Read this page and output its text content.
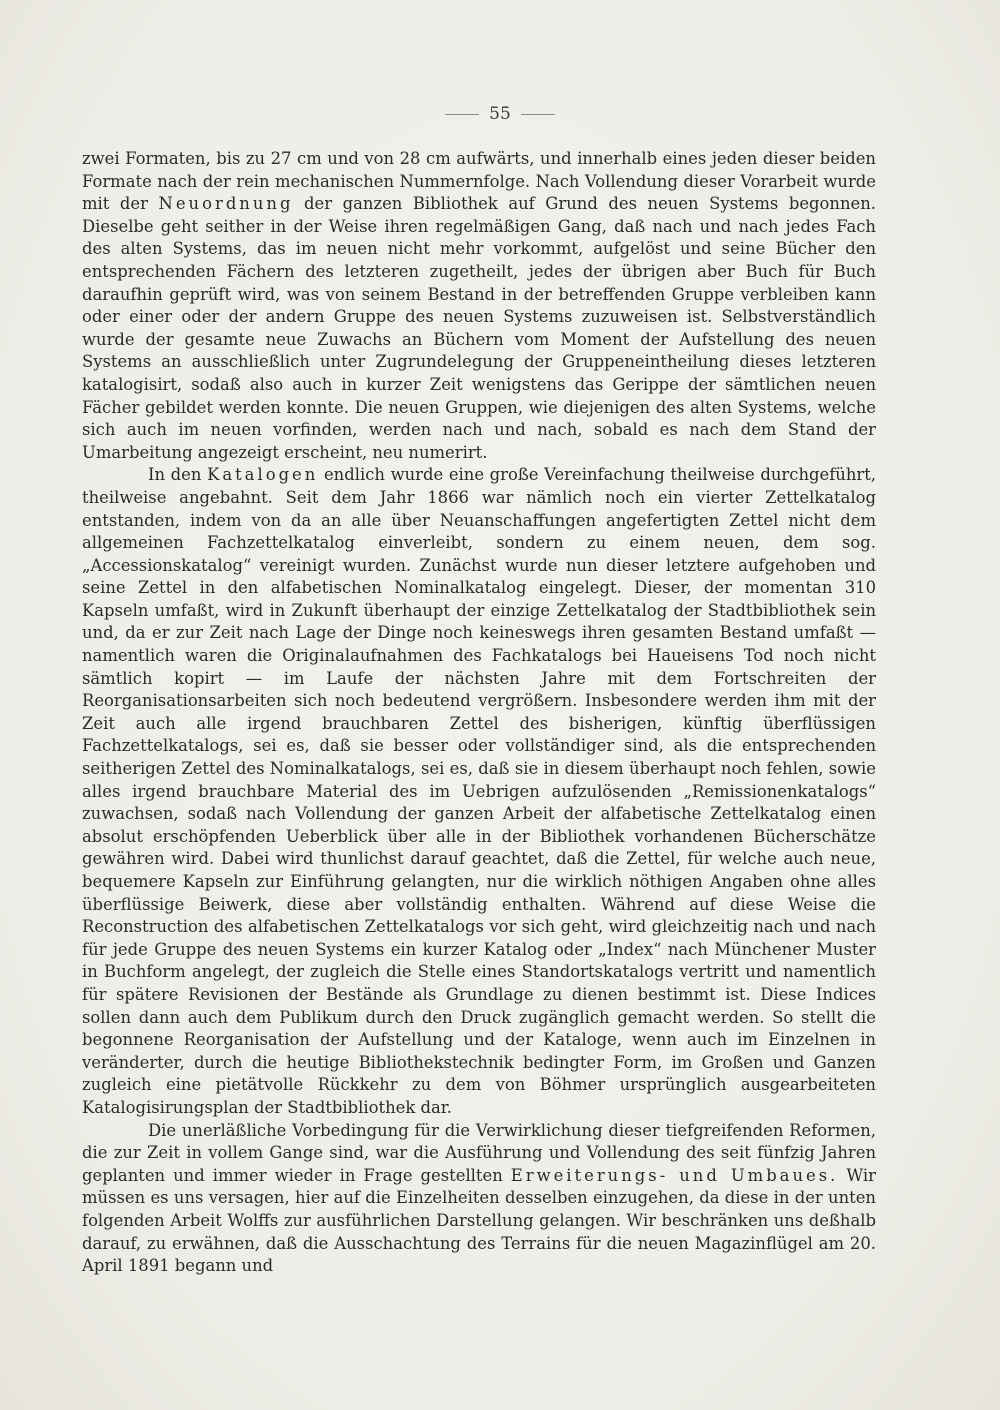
55

zwei Formaten, bis zu 27 cm und von 28 cm aufwärts, und innerhalb eines jeden dieser beiden Formate nach der rein mechanischen Nummernfolge. Nach Vollendung dieser Vorarbeit wurde mit der Neuordnung der ganzen Bibliothek auf Grund des neuen Systems begonnen. Dieselbe geht seither in der Weise ihren regelmäßigen Gang, daß nach und nach jedes Fach des alten Systems, das im neuen nicht mehr vorkommt, aufgelöst und seine Bücher den entsprechenden Fächern des letzteren zugetheilt, jedes der übrigen aber Buch für Buch daraufhin geprüft wird, was von seinem Bestand in der betreffenden Gruppe verbleiben kann oder einer oder der andern Gruppe des neuen Systems zuzuweisen ist. Selbstverständlich wurde der gesamte neue Zuwachs an Büchern vom Moment der Aufstellung des neuen Systems an ausschließlich unter Zugrundelegung der Gruppeneintheilung dieses letzteren katalogisirt, sodaß also auch in kurzer Zeit wenigstens das Gerippe der sämtlichen neuen Fächer gebildet werden konnte. Die neuen Gruppen, wie diejenigen des alten Systems, welche sich auch im neuen vorfinden, werden nach und nach, sobald es nach dem Stand der Umarbeitung angezeigt erscheint, neu numerirt.

In den Katalogen endlich wurde eine große Vereinfachung theilweise durchgeführt, theilweise angebahnt. Seit dem Jahr 1866 war nämlich noch ein vierter Zettelkatalog entstanden, indem von da an alle über Neuanschaffungen angefertigten Zettel nicht dem allgemeinen Fachzettelkatalog einverleibt, sondern zu einem neuen, dem sog. „Accessionskatalog“ vereinigt wurden. Zunächst wurde nun dieser letztere aufgehoben und seine Zettel in den alfabetischen Nominalkatalog eingelegt. Dieser, der momentan 310 Kapseln umfaßt, wird in Zukunft überhaupt der einzige Zettelkatalog der Stadtbibliothek sein und, da er zur Zeit nach Lage der Dinge noch keineswegs ihren gesamten Bestand umfaßt — namentlich waren die Originalaufnahmen des Fachkatalogs bei Haueisens Tod noch nicht sämtlich kopirt — im Laufe der nächsten Jahre mit dem Fortschreiten der Reorganisationsarbeiten sich noch bedeutend vergrößern. Insbesondere werden ihm mit der Zeit auch alle irgend brauchbaren Zettel des bisherigen, künftig überflüssigen Fachzettelkatalogs, sei es, daß sie besser oder vollständiger sind, als die entsprechenden seitherigen Zettel des Nominalkatalogs, sei es, daß sie in diesem überhaupt noch fehlen, sowie alles irgend brauchbare Material des im Uebrigen aufzulösenden „Remissionenkatalogs“ zuwachsen, sodaß nach Vollendung der ganzen Arbeit der alfabetische Zettelkatalog einen absolut erschöpfenden Ueberblick über alle in der Bibliothek vorhandenen Bücherschätze gewähren wird. Dabei wird thunlichst darauf geachtet, daß die Zettel, für welche auch neue, bequemere Kapseln zur Einführung gelangten, nur die wirklich nöthigen Angaben ohne alles überflüssige Beiwerk, diese aber vollständig enthalten. Während auf diese Weise die Reconstruction des alfabetischen Zettelkatalogs vor sich geht, wird gleichzeitig nach und nach für jede Gruppe des neuen Systems ein kurzer Katalog oder „Index“ nach Münchener Muster in Buchform angelegt, der zugleich die Stelle eines Standortskatalogs vertritt und namentlich für spätere Revisionen der Bestände als Grundlage zu dienen bestimmt ist. Diese Indices sollen dann auch dem Publikum durch den Druck zugänglich gemacht werden. So stellt die begonnene Reorganisation der Aufstellung und der Kataloge, wenn auch im Einzelnen in veränderter, durch die heutige Bibliothekstechnik bedingter Form, im Großen und Ganzen zugleich eine pietätvolle Rückkehr zu dem von Böhmer ursprünglich ausgearbeiteten Katalogisirungsplan der Stadtbibliothek dar.

Die unerläßliche Vorbedingung für die Verwirklichung dieser tiefgreifenden Reformen, die zur Zeit in vollem Gange sind, war die Ausführung und Vollendung des seit fünfzig Jahren geplanten und immer wieder in Frage gestellten Erweiterungs- und Umbaues. Wir müssen es uns versagen, hier auf die Einzelheiten desselben einzugehen, da diese in der unten folgenden Arbeit Wolffs zur ausführlichen Darstellung gelangen. Wir beschränken uns deßhalb darauf, zu erwähnen, daß die Ausschachtung des Terrains für die neuen Magazinflügel am 20. April 1891 begann und
